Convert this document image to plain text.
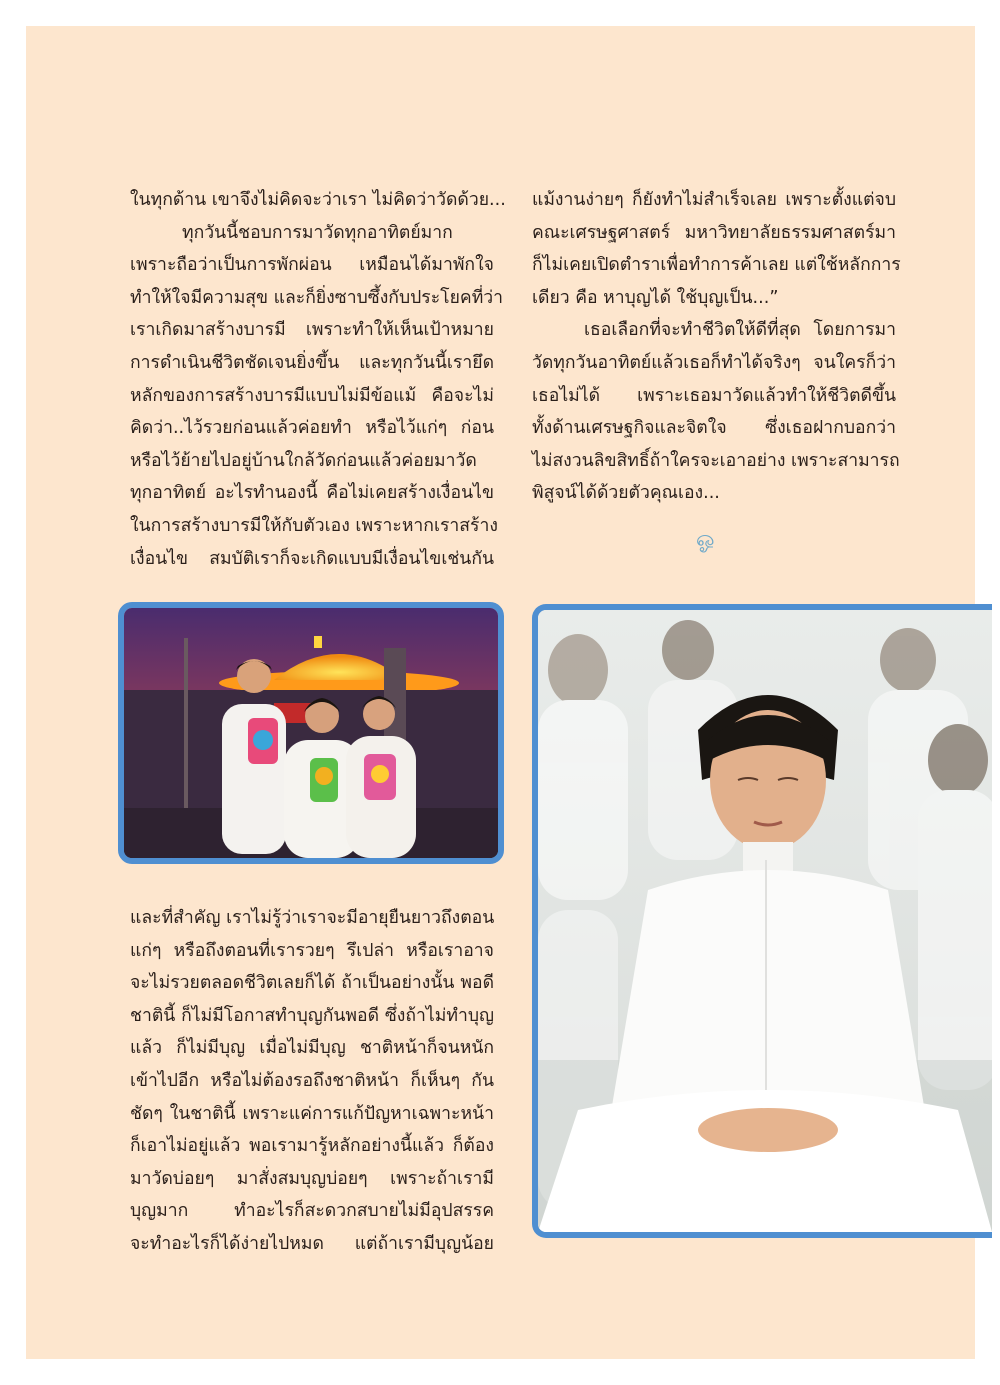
ในทุกด้าน เขาจึงไม่คิดจะว่าเรา ไม่คิดว่าวัดด้วย...

ทุกวันนี้ชอบการมาวัดทุกอาทิตย์มาก

เพราะถือว่าเป็นการพักผ่อน เหมือนได้มาพักใจ

ทำให้ใจมีความสุข และก็ยิ่งซาบซึ้งกับประโยคที่ว่า

เราเกิดมาสร้างบารมี เพราะทำให้เห็นเป้าหมาย

การดำเนินชีวิตชัดเจนยิ่งขึ้น และทุกวันนี้เรายึด

หลักของการสร้างบารมีแบบไม่มีข้อแม้ คือจะไม่

คิดว่า..ไว้รวยก่อนแล้วค่อยทำ หรือไว้แก่ๆ ก่อน

หรือไว้ย้ายไปอยู่บ้านใกล้วัดก่อนแล้วค่อยมาวัด

ทุกอาทิตย์ อะไรทำนองนี้ คือไม่เคยสร้างเงื่อนไข

ในการสร้างบารมีให้กับตัวเอง เพราะหากเราสร้าง

เงื่อนไข สมบัติเราก็จะเกิดแบบมีเงื่อนไขเช่นกัน

แม้งานง่ายๆ ก็ยังทำไม่สำเร็จเลย เพราะตั้งแต่จบ

คณะเศรษฐศาสตร์ มหาวิทยาลัยธรรมศาสตร์มา

ก็ไม่เคยเปิดตำราเพื่อทำการค้าเลย แต่ใช้หลักการ

เดียว คือ หาบุญได้ ใช้บุญเป็น...”

เธอเลือกที่จะทำชีวิตให้ดีที่สุด โดยการมา

วัดทุกวันอาทิตย์แล้วเธอก็ทำได้จริงๆ จนใครก็ว่า

เธอไม่ได้ เพราะเธอมาวัดแล้วทำให้ชีวิตดีขึ้น

ทั้งด้านเศรษฐกิจและจิตใจ ซึ่งเธอฝากบอกว่า

ไม่สงวนลิขสิทธิ์ถ้าใครจะเอาอย่าง เพราะสามารถ

พิสูจน์ได้ด้วยตัวคุณเอง...

ஓ

และที่สำคัญ เราไม่รู้ว่าเราจะมีอายุยืนยาวถึงตอน

แก่ๆ หรือถึงตอนที่เรารวยๆ รึเปล่า หรือเราอาจ

จะไม่รวยตลอดชีวิตเลยก็ได้ ถ้าเป็นอย่างนั้น พอดี

ชาตินี้ ก็ไม่มีโอกาสทำบุญกันพอดี ซึ่งถ้าไม่ทำบุญ

แล้ว ก็ไม่มีบุญ เมื่อไม่มีบุญ ชาติหน้าก็จนหนัก

เข้าไปอีก หรือไม่ต้องรอถึงชาติหน้า ก็เห็นๆ กัน

ชัดๆ ในชาตินี้ เพราะแค่การแก้ปัญหาเฉพาะหน้า

ก็เอาไม่อยู่แล้ว พอเรามารู้หลักอย่างนี้แล้ว ก็ต้อง

มาวัดบ่อยๆ มาสั่งสมบุญบ่อยๆ เพราะถ้าเรามี

บุญมาก ทำอะไรก็สะดวกสบายไม่มีอุปสรรค

จะทำอะไรก็ได้ง่ายไปหมด แต่ถ้าเรามีบุญน้อย
